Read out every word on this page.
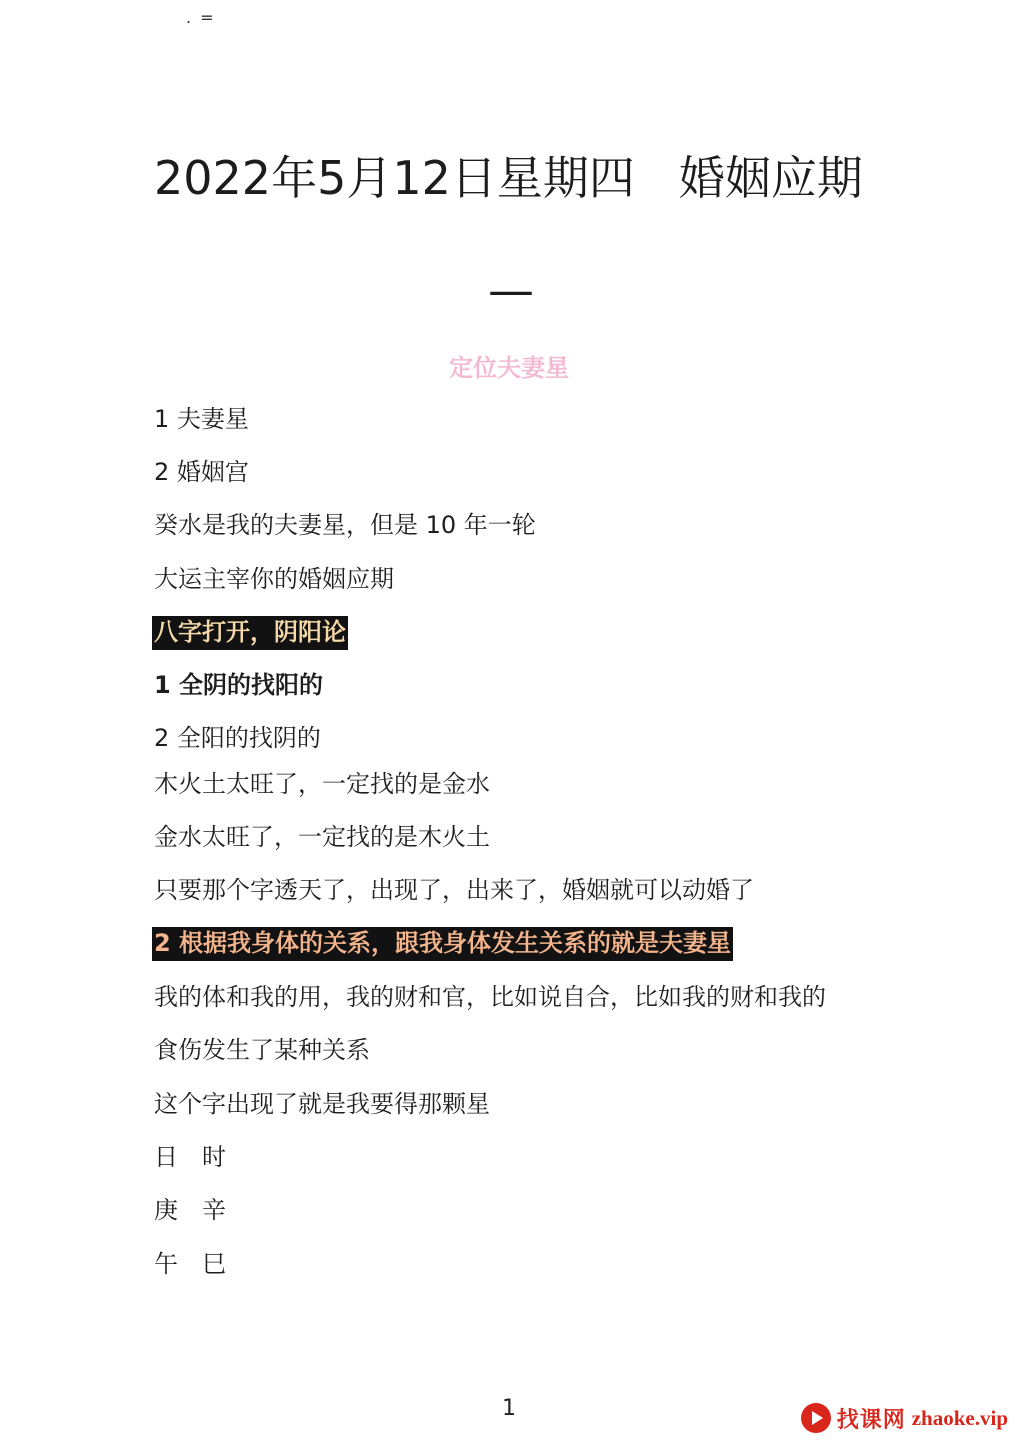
. =
2022年5月12日星期四 婚姻应期
—
定位夫妻星
1 夫妻星
2 婚姻宫
癸水是我的夫妻星，但是 10 年一轮
大运主宰你的婚姻应期
八字打开，阴阳论
1 全阴的找阳的
2 全阳的找阴的
木火土太旺了，一定找的是金水
金水太旺了，一定找的是木火土
只要那个字透天了，出现了，出来了，婚姻就可以动婚了
2 根据我身体的关系，跟我身体发生关系的就是夫妻星
我的体和我的用，我的财和官，比如说自合，比如我的财和我的
食伤发生了某种关系
这个字出现了就是我要得那颗星
日　时
庚　辛
午　巳
1	找课网 zhaoke.vip
